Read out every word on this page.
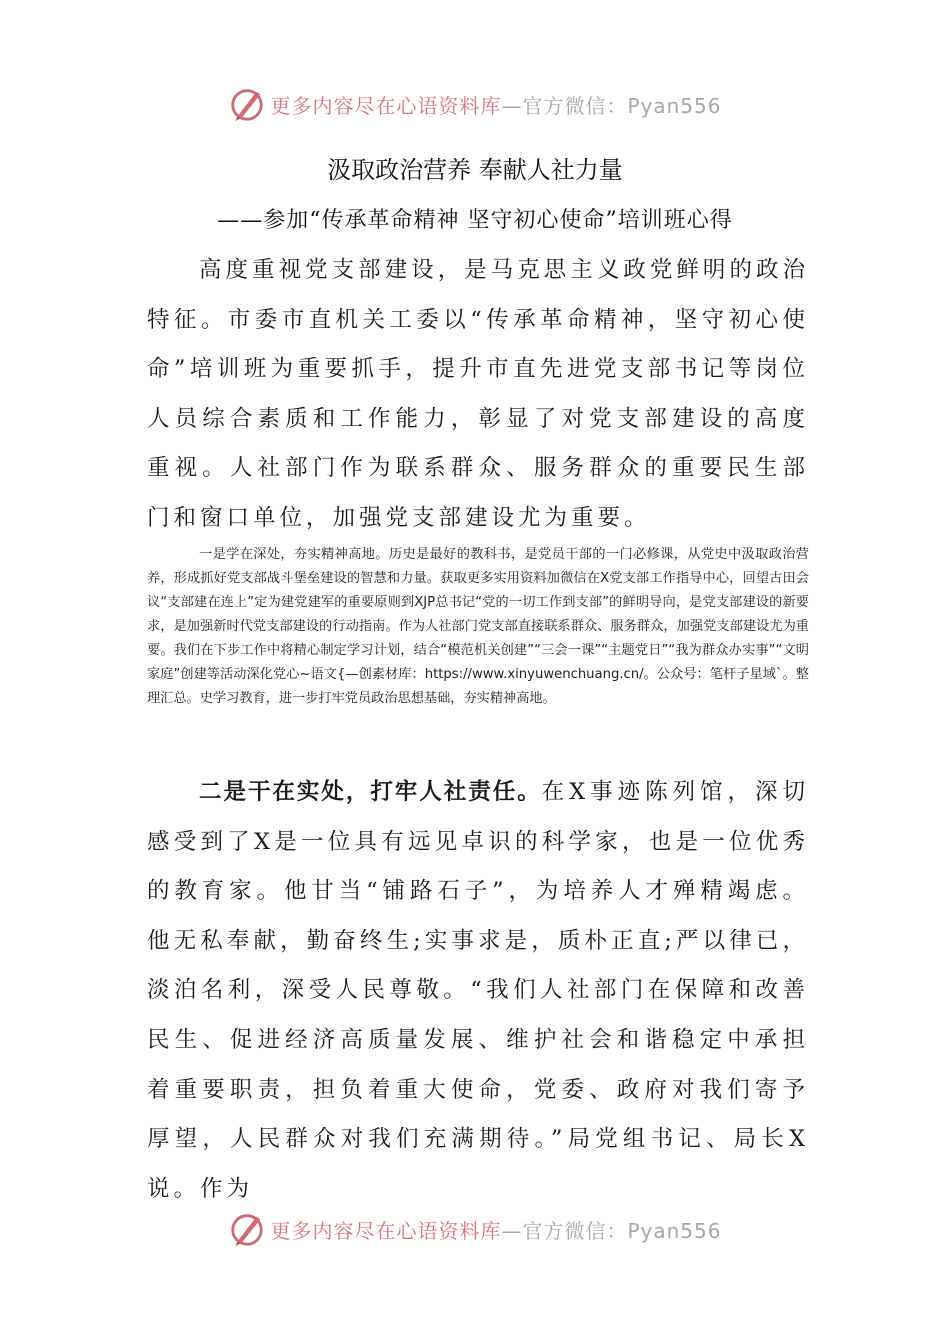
更多内容尽在心语资料库—官方微信：Pyan556
汲取政治营养 奉献人社力量
——参加“传承革命精神 坚守初心使命”培训班心得

高度重视党支部建设，是马克思主义政党鲜明的政治特征。市委市直机关工委以“传承革命精神，坚守初心使命”培训班为重要抓手，提升市直先进党支部书记等岗位人员综合素质和工作能力，彰显了对党支部建设的高度重视。人社部门作为联系群众、服务群众的重要民生部门和窗口单位，加强党支部建设尤为重要。

一是学在深处，夯实精神高地。历史是最好的教科书，是党员干部的一门必修课，从党史中汲取政治营养，形成抓好党支部战斗堡垒建设的智慧和力量。获取更多实用资料加微信在X党支部工作指导中心，回望古田会议“支部建在连上”定为建党建军的重要原则到XJP总书记“党的一切工作到支部”的鲜明导向，是党支部建设的新要求，是加强新时代党支部建设的行动指南。作为人社部门党支部直接联系群众、服务群众，加强党支部建设尤为重要。我们在下步工作中将精心制定学习计划，结合“模范机关创建”“三会一课”“主题党日”“我为群众办实事”“文明家庭”创建等活动深化党心~语文{—创素材库：https://www.xinyuwenchuang.cn/。公众号：笔杆子星域`。整理汇总。史学习教育，进一步打牢党员政治思想基础，夯实精神高地。

二是干在实处，打牢人社责任。在X事迹陈列馆，深切感受到了X是一位具有远见卓识的科学家，也是一位优秀的教育家。他甘当“铺路石子”，为培养人才殚精竭虑。他无私奉献，勤奋终生;实事求是，质朴正直;严以律已，淡泊名利，深受人民尊敬。“我们人社部门在保障和改善民生、促进经济高质量发展、维护社会和谐稳定中承担着重要职责，担负着重大使命，党委、政府对我们寄予厚望，人民群众对我们充满期待。”局党组书记、局长X说。作为

更多内容尽在心语资料库—官方微信：Pyan556
